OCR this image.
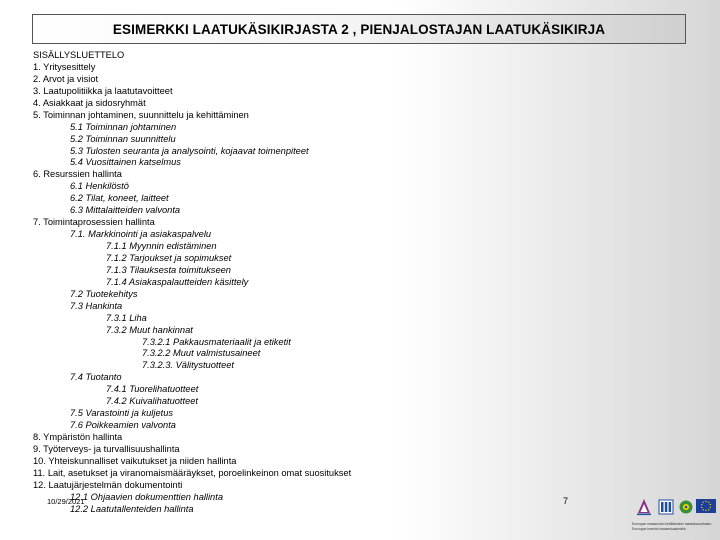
ESIMERKKI LAATUKÄSIKIRJASTA 2 , PIENJALOSTAJAN LAATUKÄSIKIRJA
SISÄLLYSLUETTELO
1. Yritysesittely
2. Arvot ja visiot
3. Laatupolitiikka ja laatutavoitteet
4. Asiakkaat ja sidosryhmät
5. Toiminnan johtaminen, suunnittelu ja kehittäminen
5.1 Toiminnan johtaminen
5.2 Toiminnan suunnittelu
5.3 Tulosten seuranta ja analysointi, kojaavat toimenpiteet
5.4 Vuosittainen katselmus
6. Resurssien hallinta
6.1 Henkilöstö
6.2 Tilat, koneet, laitteet
6.3 Mittalaitteiden valvonta
7. Toimintaprosessien hallinta
7.1. Markkinointi ja asiakaspalvelu
7.1.1 Myynnin edistäminen
7.1.2 Tarjoukset ja sopimukset
7.1.3 Tilauksesta toimitukseen
7.1.4 Asiakaspalautteiden käsittely
7.2 Tuotekehitys
7.3 Hankinta
7.3.1 Liha
7.3.2 Muut hankinnat
7.3.2.1 Pakkausmateriaalit ja etiketit
7.3.2.2 Muut valmistusaineet
7.3.2.3. Välitystuotteet
7.4 Tuotanto
7.4.1 Tuorelihatuotteet
7.4.2 Kuivalihatuotteet
7.5 Varastointi ja kuljetus
7.6 Poikkeamien valvonta
8. Ympäristön hallinta
9. Työterveys- ja turvallisuushallinta
10. Yhteiskunnalliset vaikutukset ja niiden hallinta
11. Lait, asetukset ja viranomaismääräykset, poroelinkeinon omat suositukset
12. Laatujärjestelmän dokumentointi
12.1 Ohjaavien dokumenttien hallinta
12.2 Laatutallenteiden hallinta
10/29/2021	7
Euroopan maaseudun kehittämisen maatalousrahasto:
Eurooppa investoi maaseutualueisiin
